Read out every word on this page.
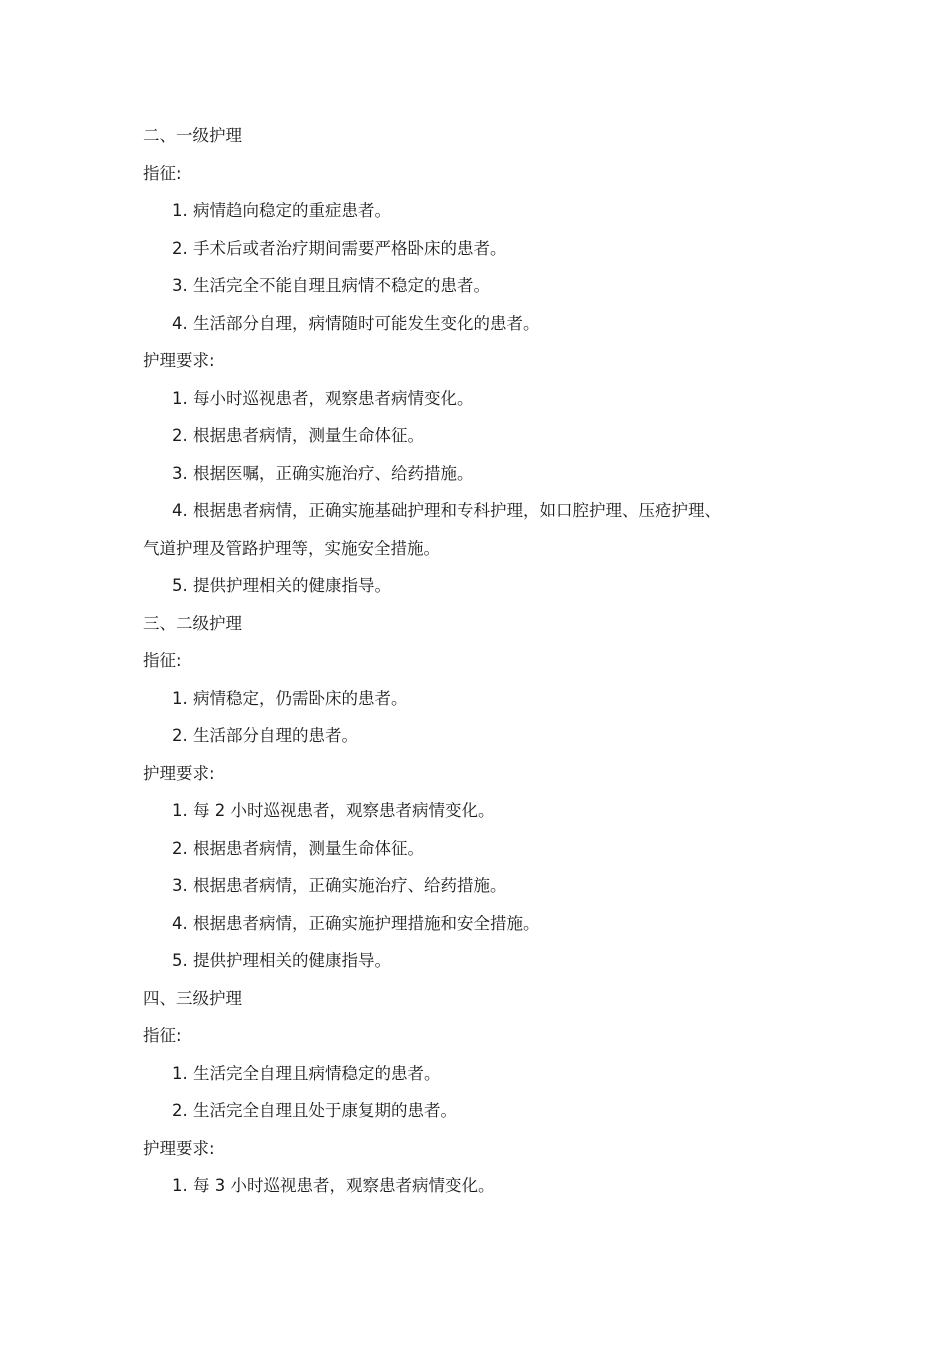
二、一级护理
指征:
1. 病情趋向稳定的重症患者。
2. 手术后或者治疗期间需要严格卧床的患者。
3. 生活完全不能自理且病情不稳定的患者。
4. 生活部分自理，病情随时可能发生变化的患者。
护理要求:
1. 每小时巡视患者，观察患者病情变化。
2. 根据患者病情，测量生命体征。
3. 根据医嘱，正确实施治疗、给药措施。
4. 根据患者病情，正确实施基础护理和专科护理，如口腔护理、压疮护理、
气道护理及管路护理等，实施安全措施。
5. 提供护理相关的健康指导。
三、二级护理
指征:
1. 病情稳定，仍需卧床的患者。
2. 生活部分自理的患者。
护理要求:
1. 每 2 小时巡视患者，观察患者病情变化。
2. 根据患者病情，测量生命体征。
3. 根据患者病情，正确实施治疗、给药措施。
4. 根据患者病情，正确实施护理措施和安全措施。
5. 提供护理相关的健康指导。
四、三级护理
指征:
1. 生活完全自理且病情稳定的患者。
2. 生活完全自理且处于康复期的患者。
护理要求:
1. 每 3 小时巡视患者，观察患者病情变化。
